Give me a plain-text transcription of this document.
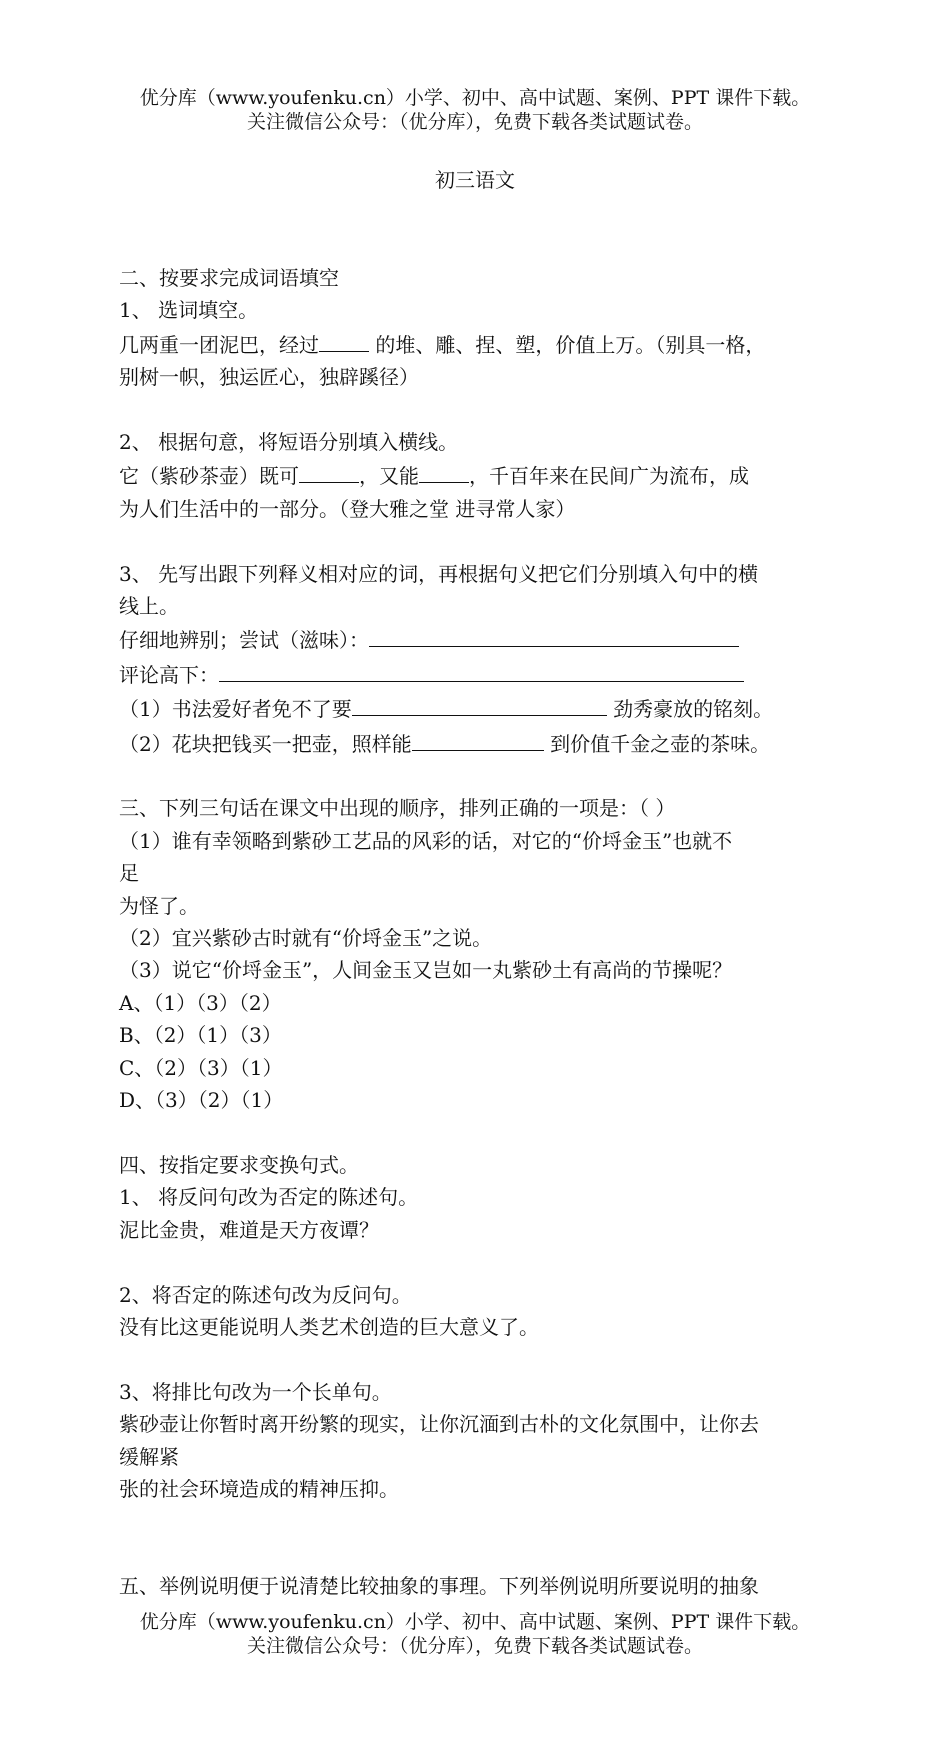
优分库（www.youfenku.cn）小学、初中、高中试题、案例、PPT 课件下载。
关注微信公众号：（优分库），免费下载各类试题试卷。
初三语文
二、按要求完成词语填空
1、 选词填空。
几两重一团泥巴，经过	的堆、雕、捏、塑，价值上万。（别具一格，
别树一帜，独运匠心，独辟蹊径）
2、 根据句意，将短语分别填入横线。
它（紫砂茶壶）既可	，又能	，千百年来在民间广为流布，成
为人们生活中的一部分。（登大雅之堂 进寻常人家）
3、 先写出跟下列释义相对应的词，再根据句义把它们分别填入句中的横
线上。
仔细地辨别；尝试（滋味）：
评论高下：
（1）书法爱好者免不了要	劲秀豪放的铭刻。
（2）花块把钱买一把壶，照样能	到价值千金之壶的茶味。
三、下列三句话在课文中出现的顺序，排列正确的一项是：（ ）
（1）谁有幸领略到紫砂工艺品的风彩的话，对它的“价埒金玉”也就不
足
为怪了。
（2）宜兴紫砂古时就有“价埒金玉”之说。
（3）说它“价埒金玉”，人间金玉又岂如一丸紫砂土有高尚的节操呢？
A、（1）（3）（2）
B、（2）（1）（3）
C、（2）（3）（1）
D、（3）（2）（1）
四、按指定要求变换句式。
1、 将反问句改为否定的陈述句。
泥比金贵，难道是天方夜谭？
2、将否定的陈述句改为反问句。
没有比这更能说明人类艺术创造的巨大意义了。
3、将排比句改为一个长单句。
紫砂壶让你暂时离开纷繁的现实，让你沉湎到古朴的文化氛围中，让你去
缓解紧
张的社会环境造成的精神压抑。
五、举例说明便于说清楚比较抽象的事理。下列举例说明所要说明的抽象
优分库（www.youfenku.cn）小学、初中、高中试题、案例、PPT 课件下载。
关注微信公众号：（优分库），免费下载各类试题试卷。
